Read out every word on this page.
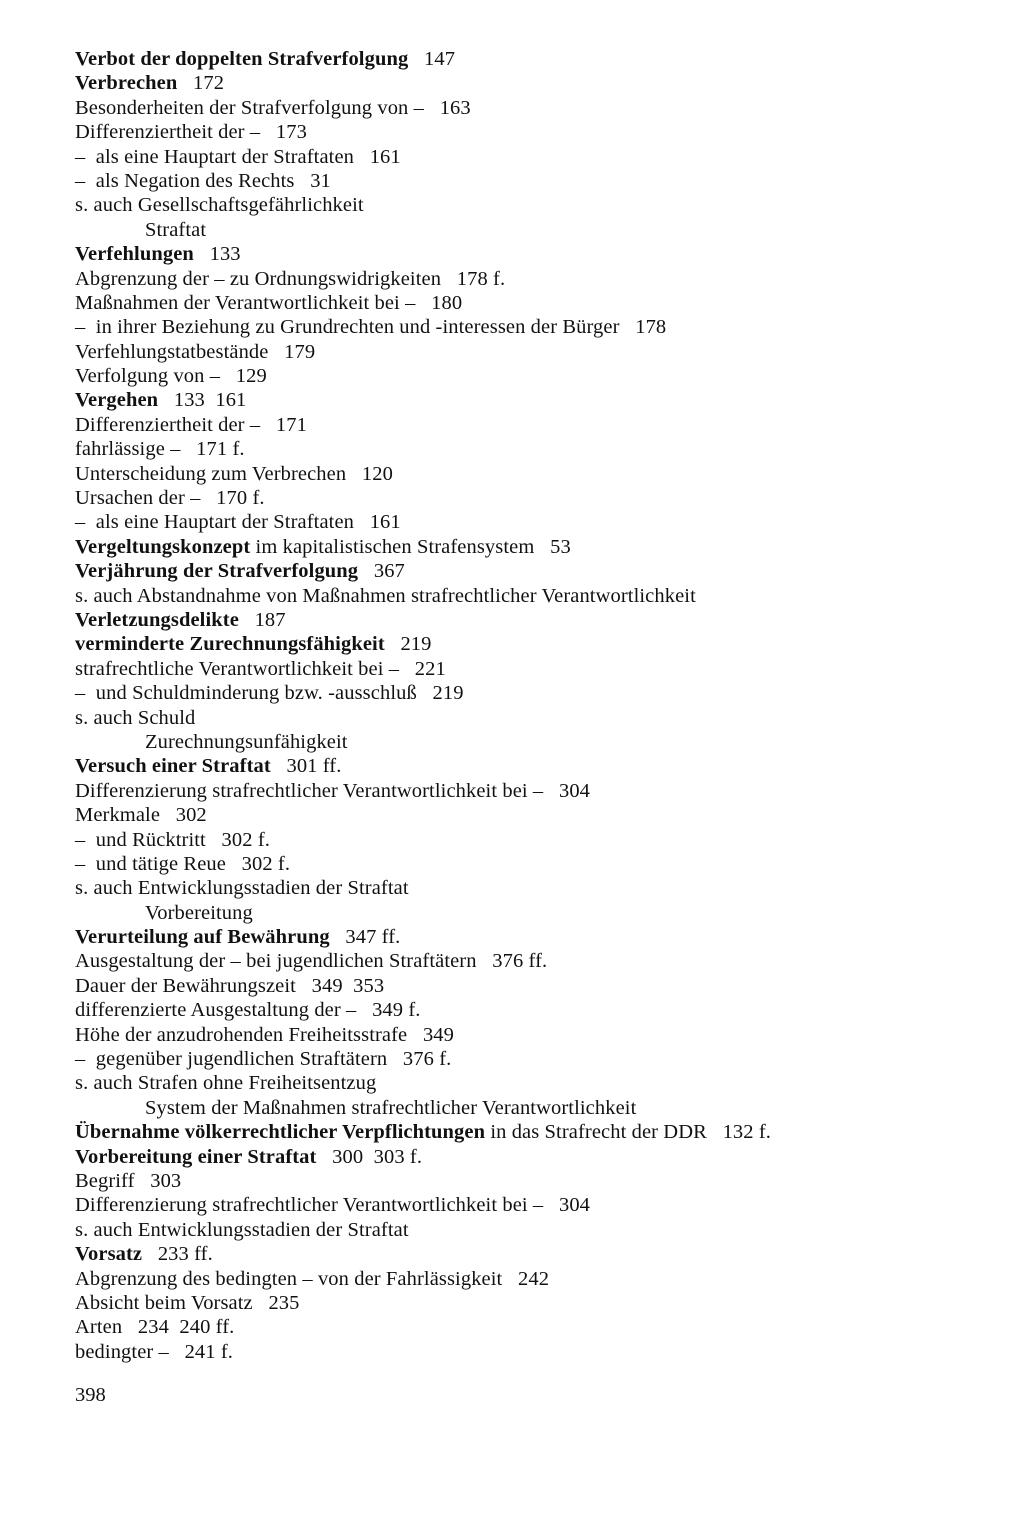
Verbot der doppelten Strafverfolgung 147
Verbrechen 172
Besonderheiten der Strafverfolgung von – 163
Differenziertheit der – 173
–  als eine Hauptart der Straftaten 161
–  als Negation des Rechts 31
s. auch Gesellschaftsgefährlichkeit
Straftat
Verfehlungen 133
Abgrenzung der – zu Ordnungswidrigkeiten 178 f.
Maßnahmen der Verantwortlichkeit bei – 180
–  in ihrer Beziehung zu Grundrechten und -interessen der Bürger 178
Verfehlungstatbestände 179
Verfolgung von – 129
Vergehen 133  161
Differenziertheit der – 171
fahrlässige – 171 f.
Unterscheidung zum Verbrechen 120
Ursachen der – 170 f.
–  als eine Hauptart der Straftaten 161
Vergeltungskonzept im kapitalistischen Strafensystem 53
Verjährung der Strafverfolgung 367
s. auch Abstandnahme von Maßnahmen strafrechtlicher Verantwortlichkeit
Verletzungsdelikte 187
verminderte Zurechnungsfähigkeit 219
strafrechtliche Verantwortlichkeit bei – 221
–  und Schuldminderung bzw. -ausschluß 219
s. auch Schuld
Zurechnungsunfähigkeit
Versuch einer Straftat 301 ff.
Differenzierung strafrechtlicher Verantwortlichkeit bei – 304
Merkmale 302
–  und Rücktritt 302 f.
–  und tätige Reue 302 f.
s. auch Entwicklungsstadien der Straftat
Vorbereitung
Verurteilung auf Bewährung 347 ff.
Ausgestaltung der – bei jugendlichen Straftätern 376 ff.
Dauer der Bewährungszeit 349  353
differenzierte Ausgestaltung der – 349 f.
Höhe der anzudrohenden Freiheitsstrafe 349
–  gegenüber jugendlichen Straftätern 376 f.
s. auch Strafen ohne Freiheitsentzug
System der Maßnahmen strafrechtlicher Verantwortlichkeit
Übernahme völkerrechtlicher Verpflichtungen in das Strafrecht der DDR 132 f.
Vorbereitung einer Straftat 300  303 f.
Begriff 303
Differenzierung strafrechtlicher Verantwortlichkeit bei – 304
s. auch Entwicklungsstadien der Straftat
Vorsatz 233 ff.
Abgrenzung des bedingten – von der Fahrlässigkeit 242
Absicht beim Vorsatz 235
Arten 234  240 ff.
bedingter – 241 f.
398
